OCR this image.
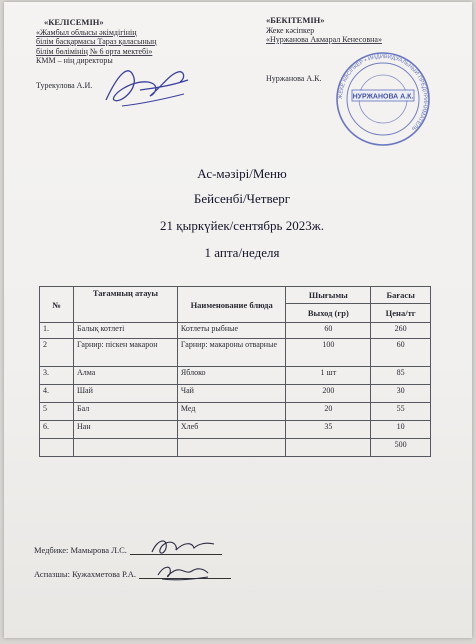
«КЕЛІСЕМІН»
«Жамбыл облысы әкімдігінің
білім басқармасы Тараз қаласының
білім бөлімінің № 6 орта мектебі»
КММ – нің директоры
Турекулова А.И.
«БЕКІТЕМІН»
Жеке кәсіпкер
«Нуржанова Акмарал Кенесовна»
Нуржанова А.К.
ЖЕКЕ КӘСІПКЕР • ИНДИВИДУАЛЬНЫЙ ПРЕДПРИНИМАТЕЛЬ
НУРЖАНОВА А.К.
Ас-мәзірі/Меню
Бейсенбі/Четверг
21 қыркүйек/сентябрь 2023ж.
1 апта/неделя
№	Тағамның атауы	Наименование блюда	Шығымы	Бағасы
			Выход (гр)	Цена/тг
1.	Балық котлеті	Котлеты рыбные	60	260
2	Гарнир: піскен макарон	Гарнир: макароны отварные	100	60
3.	Алма	Яблоко	1 шт	85
4.	Шай	Чай	200	30
5	Бал	Мед	20	55
6.	Нан	Хлеб	35	10
				500
Медбике: Мамырова Л.С.
Аспазшы: Кужахметова Р.А.
